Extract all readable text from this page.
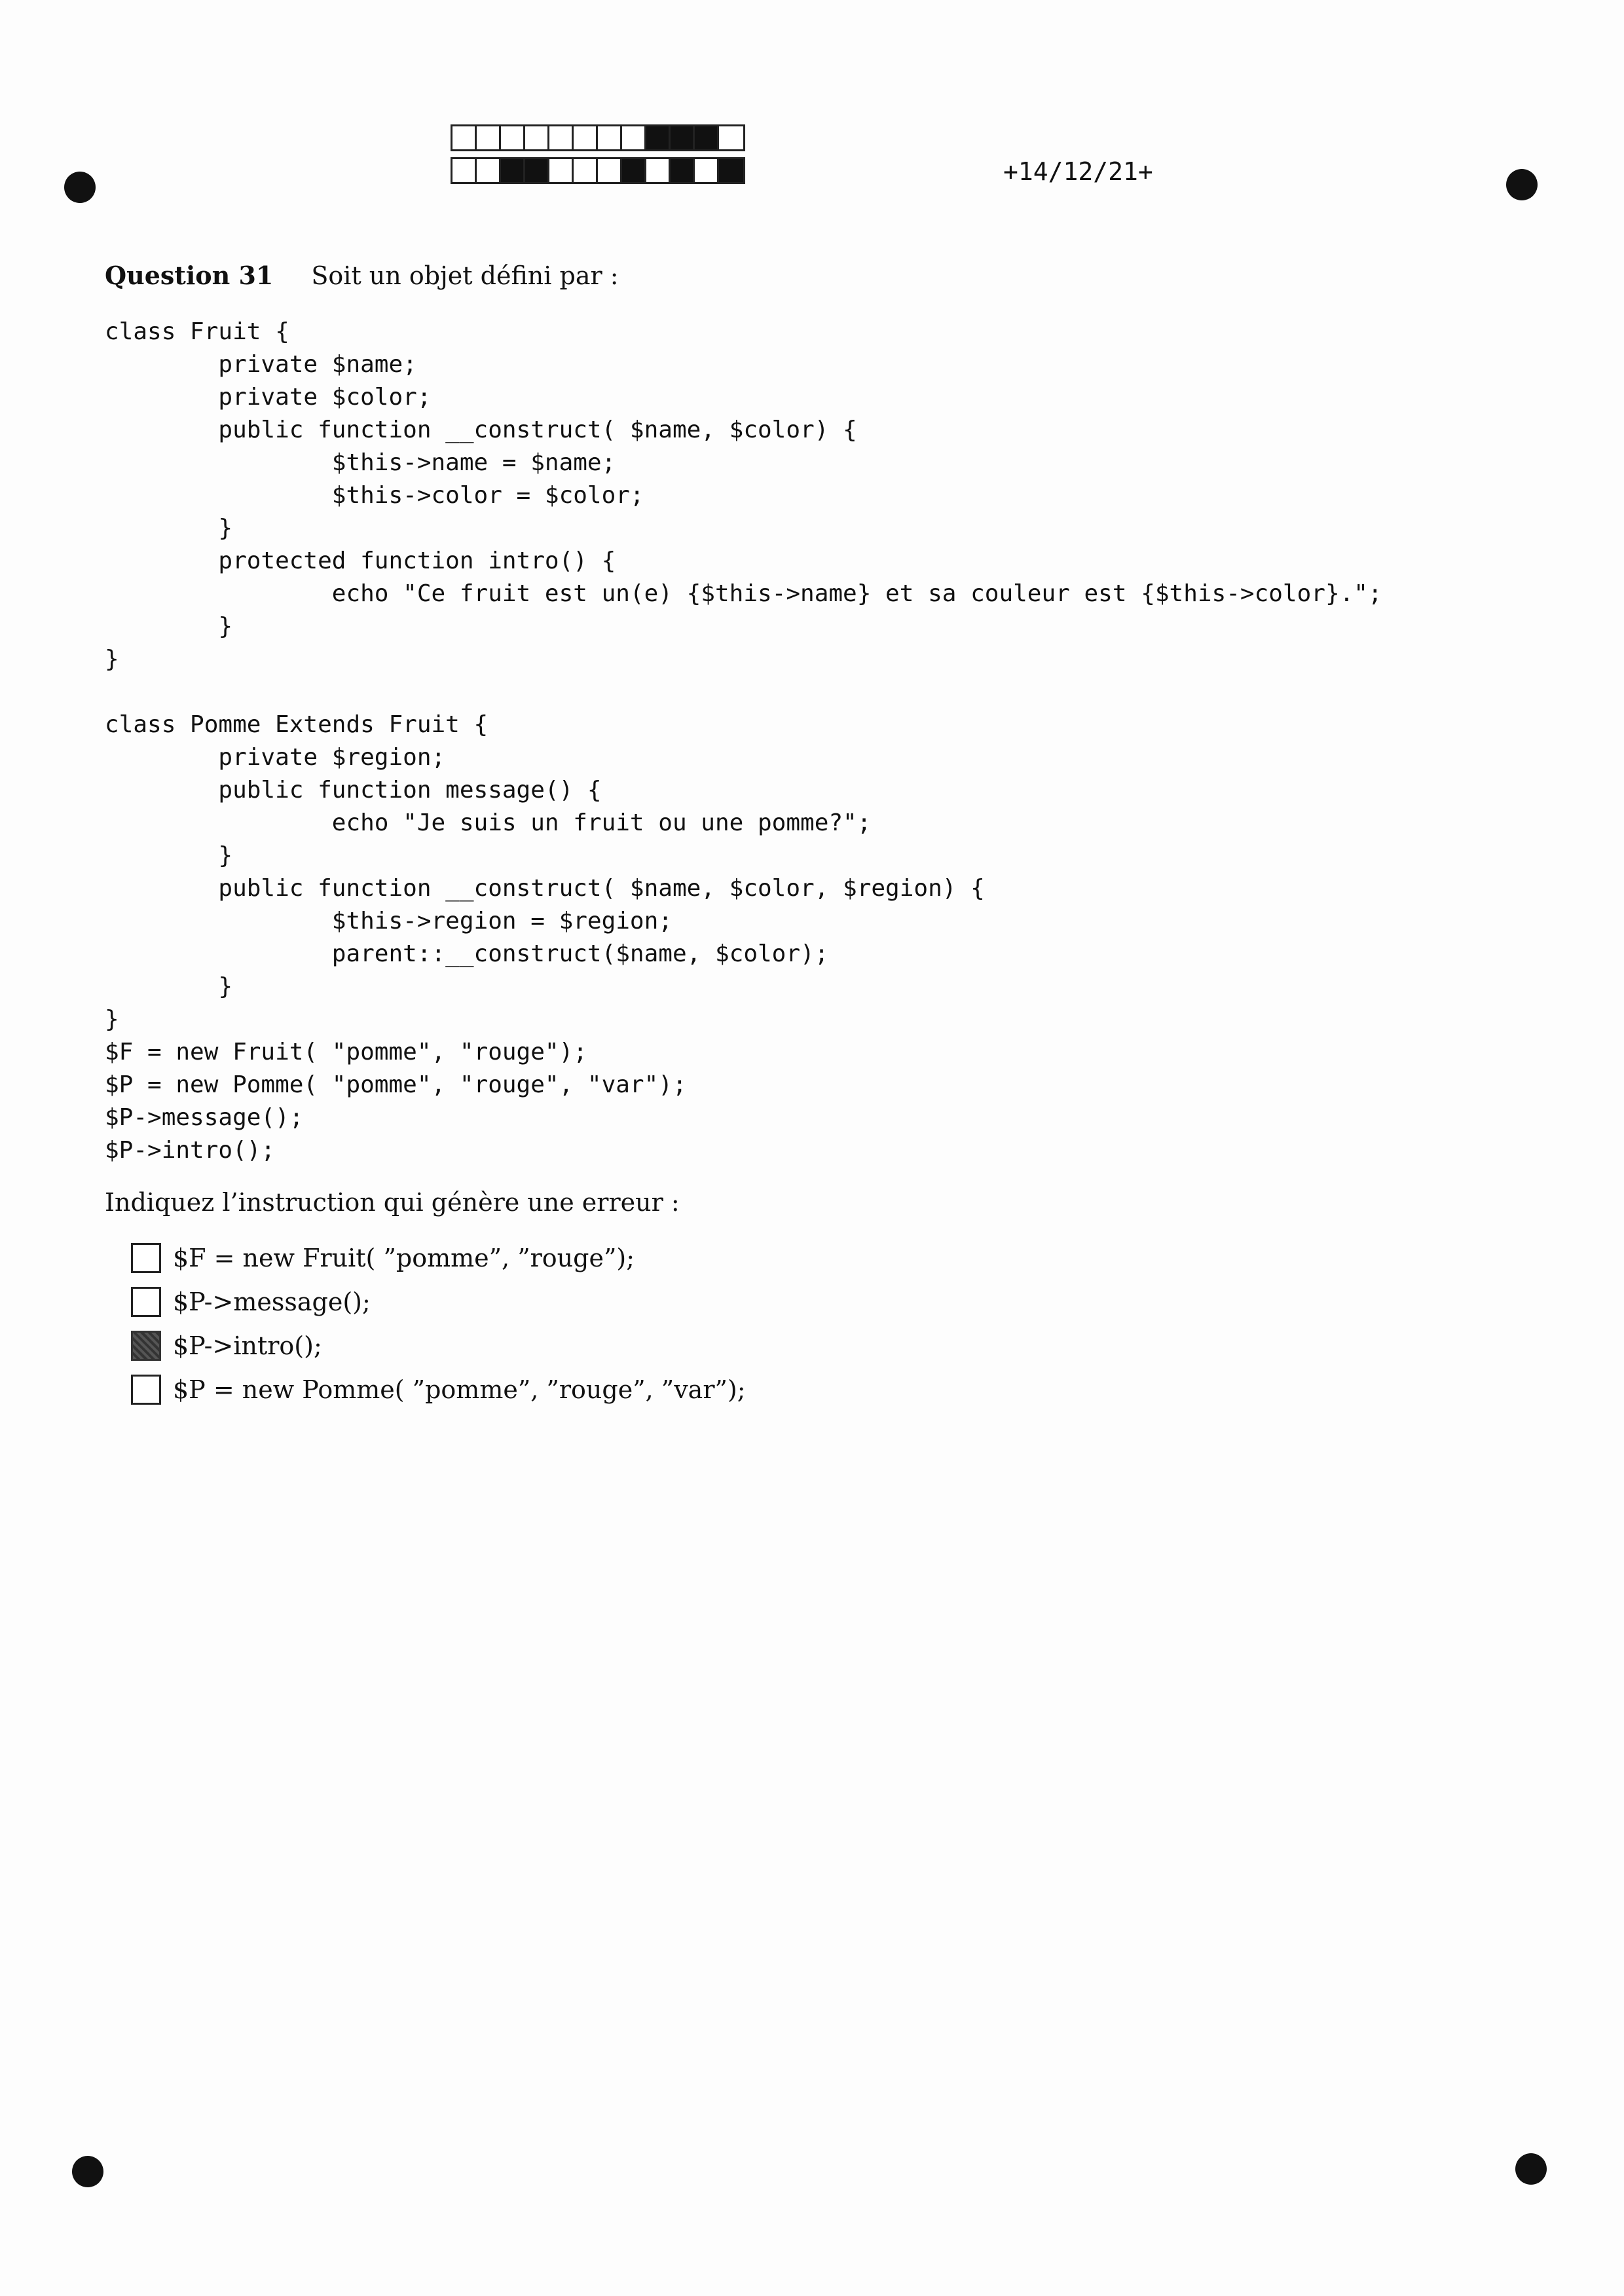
+14/12/21+
Question 31 Soit un objet défini par :
class Fruit {
private $name;
private $color;
public function __construct( $name, $color) {
$this->name = $name;
$this->color = $color;
}
protected function intro() {
echo "Ce fruit est un(e) {$this->name} et sa couleur est {$this->color}.";
}
}

class Pomme Extends Fruit {
private $region;
public function message() {
echo "Je suis un fruit ou une pomme?";
}
public function __construct( $name, $color, $region) {
$this->region = $region;
parent::__construct($name, $color);
}
}
$F = new Fruit( "pomme", "rouge");
$P = new Pomme( "pomme", "rouge", "var");
$P->message();
$P->intro();
Indiquez l’instruction qui génère une erreur :
$F = new Fruit( ”pomme”, ”rouge”);
$P->message();
$P->intro();
$P = new Pomme( ”pomme”, ”rouge”, ”var”);
